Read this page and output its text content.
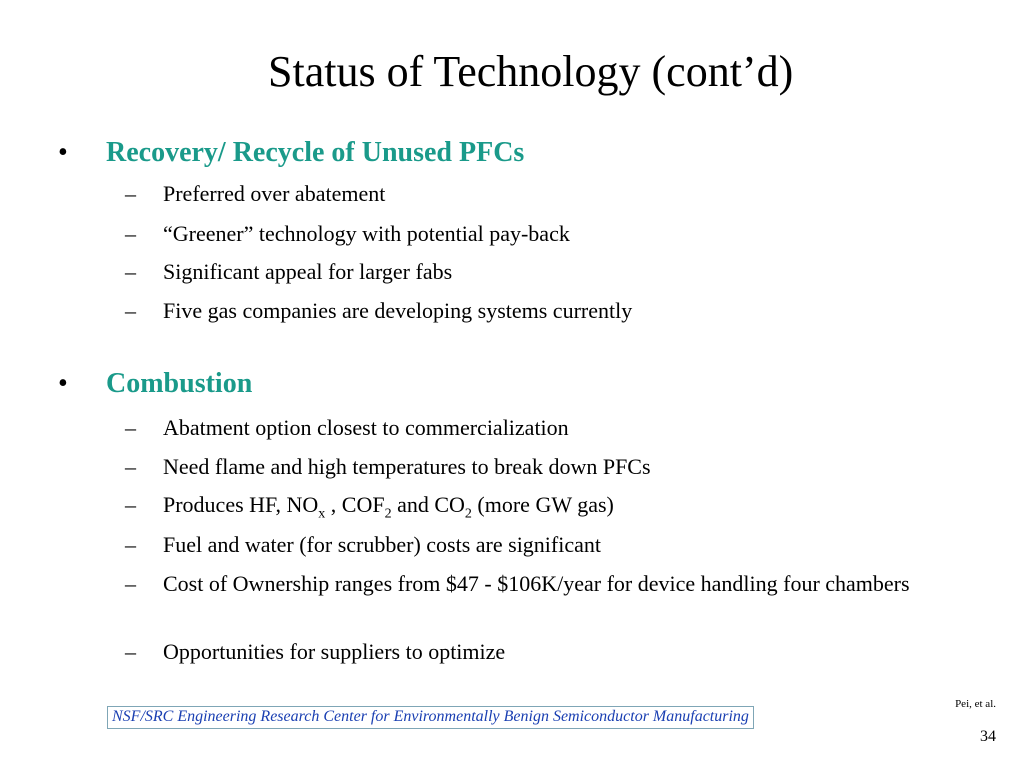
Status of Technology (cont’d)
• Recovery/ Recycle of Unused PFCs
– Preferred over abatement
– “Greener” technology with potential pay-back
– Significant appeal for larger fabs
– Five gas companies are developing systems currently
• Combustion
– Abatment option closest to commercialization
– Need flame and high temperatures to break down PFCs
– Produces HF, $NO_x$ , $COF_2$ and $CO_2$ (more GW gas)
– Fuel and water (for scrubber) costs are significant
– Cost of Ownership ranges from $47 - $106K/year for device handling four chambers
– Opportunities for suppliers to optimize
Pei, et al.
NSF/SRC Engineering Research Center for Environmentally Benign Semiconductor Manufacturing
34
